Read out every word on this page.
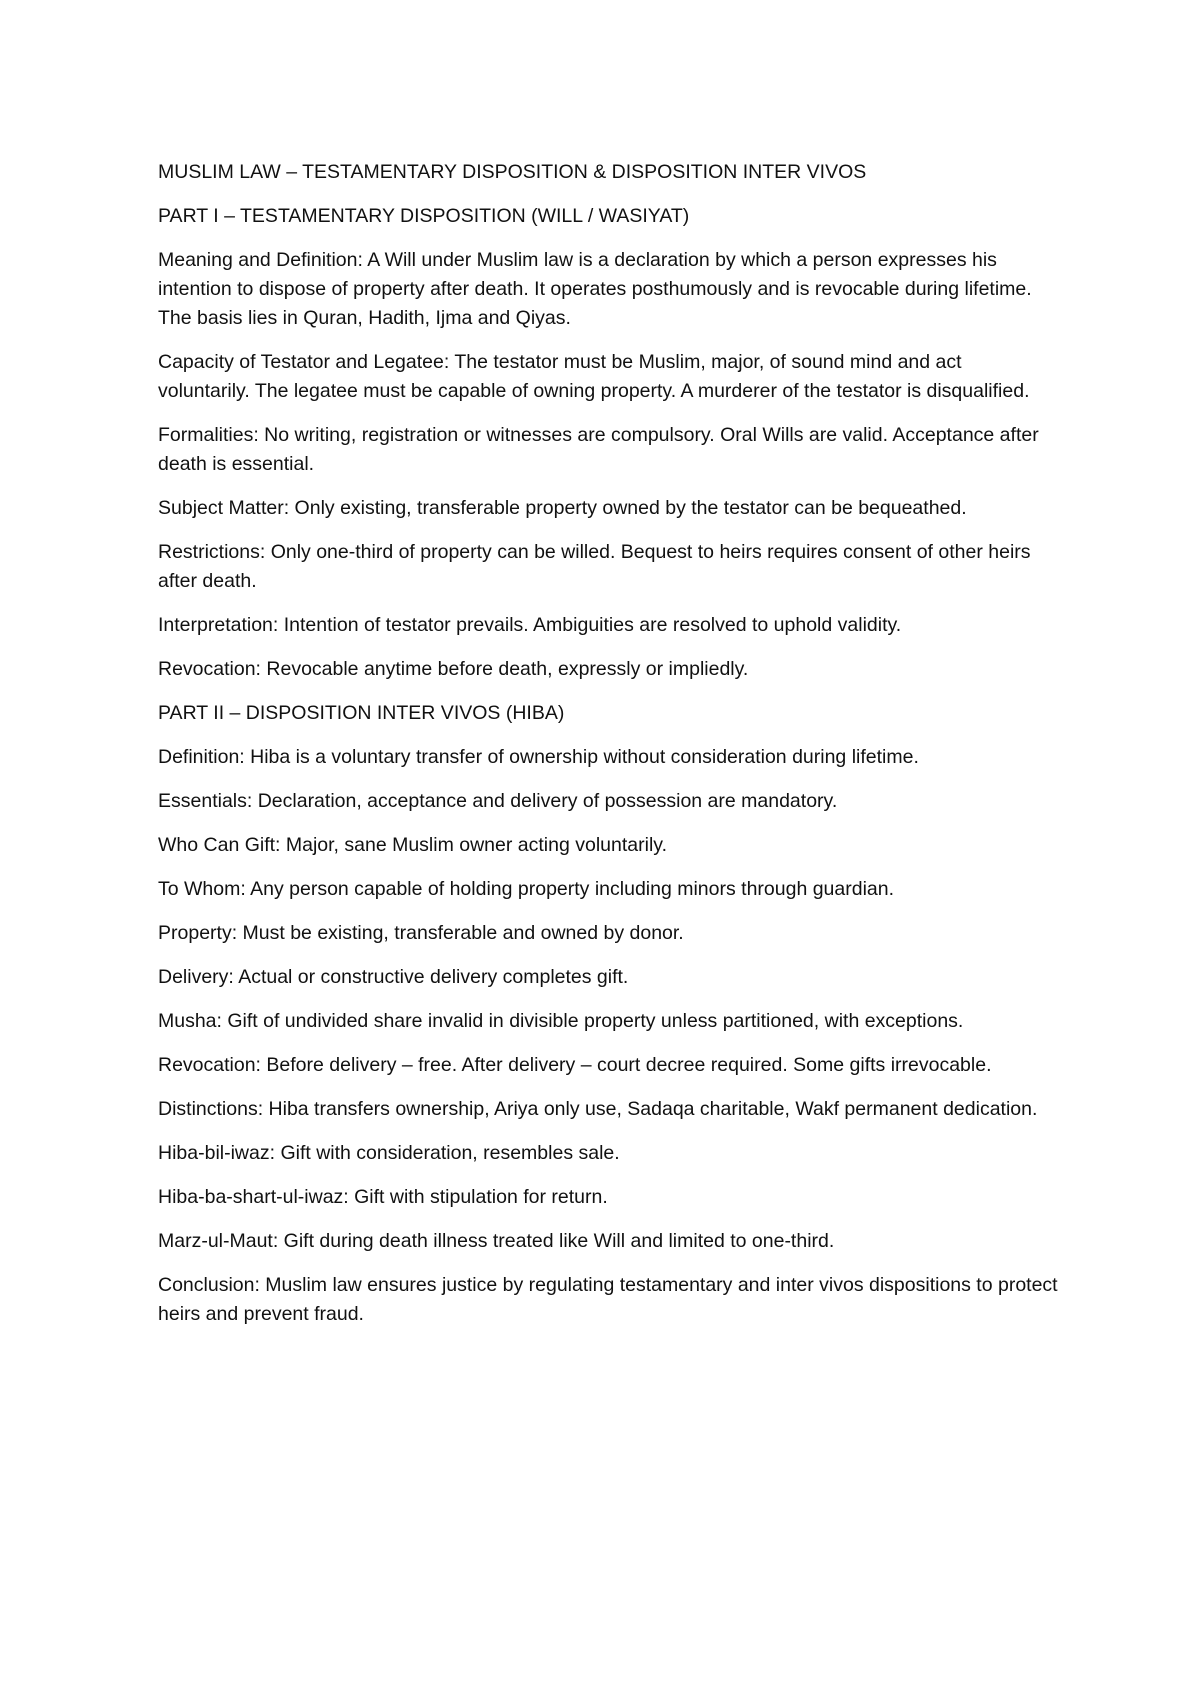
MUSLIM LAW – TESTAMENTARY DISPOSITION & DISPOSITION INTER VIVOS

PART I – TESTAMENTARY DISPOSITION (WILL / WASIYAT)

Meaning and Definition: A Will under Muslim law is a declaration by which a person expresses his intention to dispose of property after death. It operates posthumously and is revocable during lifetime. The basis lies in Quran, Hadith, Ijma and Qiyas.

Capacity of Testator and Legatee: The testator must be Muslim, major, of sound mind and act voluntarily. The legatee must be capable of owning property. A murderer of the testator is disqualified.

Formalities: No writing, registration or witnesses are compulsory. Oral Wills are valid. Acceptance after death is essential.

Subject Matter: Only existing, transferable property owned by the testator can be bequeathed.

Restrictions: Only one-third of property can be willed. Bequest to heirs requires consent of other heirs after death.

Interpretation: Intention of testator prevails. Ambiguities are resolved to uphold validity.

Revocation: Revocable anytime before death, expressly or impliedly.

PART II – DISPOSITION INTER VIVOS (HIBA)

Definition: Hiba is a voluntary transfer of ownership without consideration during lifetime.

Essentials: Declaration, acceptance and delivery of possession are mandatory.

Who Can Gift: Major, sane Muslim owner acting voluntarily.

To Whom: Any person capable of holding property including minors through guardian.

Property: Must be existing, transferable and owned by donor.

Delivery: Actual or constructive delivery completes gift.

Musha: Gift of undivided share invalid in divisible property unless partitioned, with exceptions.

Revocation: Before delivery – free. After delivery – court decree required. Some gifts irrevocable.

Distinctions: Hiba transfers ownership, Ariya only use, Sadaqa charitable, Wakf permanent dedication.

Hiba-bil-iwaz: Gift with consideration, resembles sale.

Hiba-ba-shart-ul-iwaz: Gift with stipulation for return.

Marz-ul-Maut: Gift during death illness treated like Will and limited to one-third.

Conclusion: Muslim law ensures justice by regulating testamentary and inter vivos dispositions to protect heirs and prevent fraud.
